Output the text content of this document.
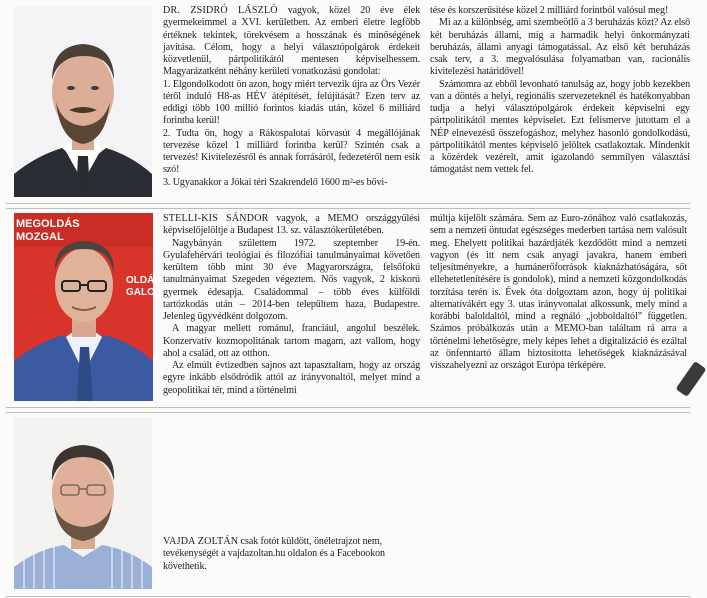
DR. ZSIDRÓ LÁSZLÓ vagyok, közel 20 éve élek gyermekeimmel a XVI. kerületben. Az emberi életre legfőbb értéknek tekintek, törekvésem a hosszának és minőségének javítása. Célom, hogy a helyi választópolgárok érdekeit közvetlenül, pártpolitikától mentesen képviselhessem. Magyarázatként néhány kerületi vonatkozású gondolat:

1. Elgondolkodott ön azon, hogy miért tervezik újra az Örs Vezér téről induló H8-as HÉV átépítését, felújítását? Ezen terv az eddigi több 100 millió forintos kiadás után, közel 6 milliárd forintba kerül!

2. Tudta ön, hogy a Rákospalotai körvasút 4 megállójának tervezése közel 1 milliárd forintba kerül? Szintén csak a tervezés! Kivitelezésről és annak forrásáról, fedezetéről nem esik szó!

3. Ugyanakkor a Jókai téri Szakrendelő 1600 m²-es bővi-

tése és korszerűsítése közel 2 milliárd forintból valósul meg!

Mi az a különbség, ami szembeötlő a 3 beruházás közt? Az első két beruházás állami, míg a harmadik helyi önkormányzati beruházás, állami anyagi támogatással. Az első két beruházás csak terv, a 3. megvalósulása folyamatban van, racionális kivitelezési határidővel!

Számomra az ebből levonható tanulság az, hogy jobb kezekben van a döntés a helyi, regionális szervezeteknél és hatékonyabban tudja a helyi választópolgárok érdekeit képviselni egy pártpolitikától mentes képviselet. Ezt felismerve jutottam el a NÉP elnevezésű összefogáshoz, melyhez hasonló gondolkodású, pártpolitikától mentes képviselő jelöltek csatlakoztak. Mindenkit a közérdek vezérelt, amit igazolandó semmilyen választási támogatást nem vettek fel.

MEGOLDÁS
MOZGAL
OLDÁS
GALOM

STELLI-KIS SÁNDOR vagyok, a MEMO országgyűlési képviselőjelöltje a Budapest 13. sz. választókerületében.

Nagybányán születtem 1972. szeptember 19-én. Gyulafehérvári teológiai és filozófiai tanulmányaimat követően kerültem több mint 30 éve Magyarországra, felsőfokú tanulmányaimat Szegeden végeztem. Nős vagyok, 2 kiskorú gyermek édesapja. Családommal – több éves külföldi tartózkodás után – 2014-ben települtem haza, Budapestre. Jelenleg ügyvédként dolgozom.

A magyar mellett románul, franciául, angolul beszélek. Konzervatív kozmopolitának tartom magam, azt vallom, hogy ahol a család, ott az otthon.

Az elmúlt évtizedben sajnos azt tapasztaltam, hogy az ország egyre inkább elsődródik attól az irányvonaltól, melyet mind a geopolitikai tér, mind a történelmi

múltja kijelölt számára. Sem az Euro-zónához való csatlakozás, sem a nemzeti öntudat egészséges mederben tartása nem valósult meg. Ehelyett politikai hazárdjáték kezdődött mind a nemzeti vagyon (és itt nem csak anyagi javakra, hanem emberi teljesítményekre, a humánerőforrások kiaknázhatóságára, sőt ellehetetlenítésére is gondolok), mind a nemzeti közgondolkodás torzítása terén is. Évek óta dolgoztam azon, hogy új politikai alternatívákért egy 3. utas irányvonalat alkossunk, mely mind a korábbi baloldaltól, mind a regnáló „jobboldaltól” független. Számos próbálkozás után a MEMO-ban találtam rá arra a történelmi lehetőségre, mely képes lehet a digitalizáció és ezáltal az önfenntartó állam biztosította lehetőségek kiaknázásával visszahelyezni az országot Európa térképére.

VAJDA ZOLTÁN csak fotót küldött, önéletrajzot nem, tevékenységét a vajdazoltan.hu oldalon és a Facebookon követhetik.
